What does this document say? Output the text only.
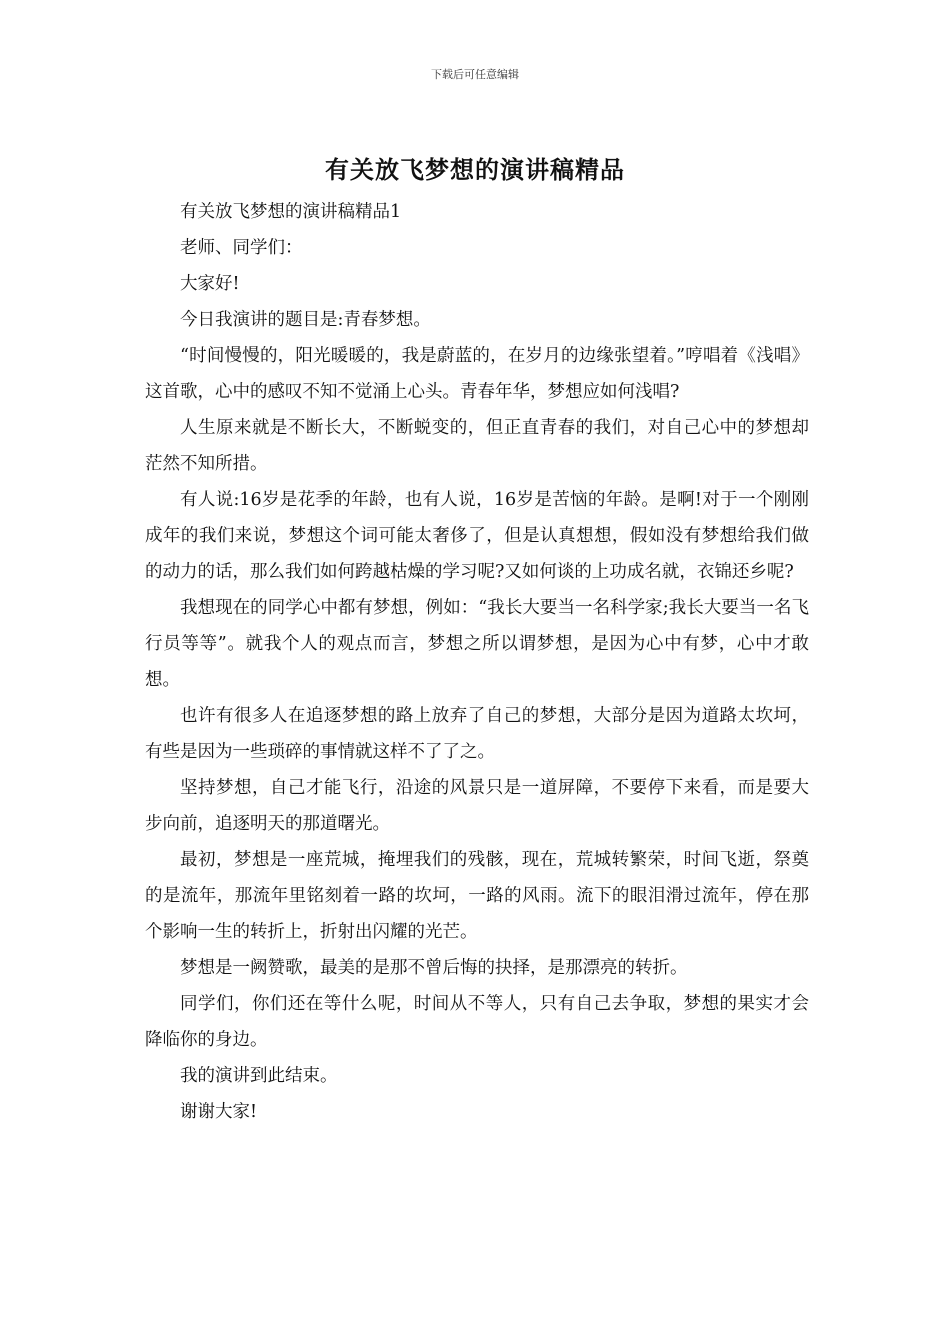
下载后可任意编辑
有关放飞梦想的演讲稿精品

有关放飞梦想的演讲稿精品1

老师、同学们：

大家好!

今日我演讲的题目是:青春梦想。

“时间慢慢的，阳光暖暖的，我是蔚蓝的，在岁月的边缘张望着。”哼唱着《浅唱》这首歌，心中的感叹不知不觉涌上心头。青春年华，梦想应如何浅唱?

人生原来就是不断长大，不断蜕变的，但正直青春的我们，对自己心中的梦想却茫然不知所措。

有人说:16岁是花季的年龄，也有人说，16岁是苦恼的年龄。是啊!对于一个刚刚成年的我们来说，梦想这个词可能太奢侈了，但是认真想想，假如没有梦想给我们做的动力的话，那么我们如何跨越枯燥的学习呢?又如何谈的上功成名就，衣锦还乡呢?

我想现在的同学心中都有梦想，例如：“我长大要当一名科学家;我长大要当一名飞行员等等”。就我个人的观点而言，梦想之所以谓梦想，是因为心中有梦，心中才敢想。

也许有很多人在追逐梦想的路上放弃了自己的梦想，大部分是因为道路太坎坷，有些是因为一些琐碎的事情就这样不了了之。

坚持梦想，自己才能飞行，沿途的风景只是一道屏障，不要停下来看，而是要大步向前，追逐明天的那道曙光。

最初，梦想是一座荒城，掩埋我们的残骸，现在，荒城转繁荣，时间飞逝，祭奠的是流年，那流年里铭刻着一路的坎坷，一路的风雨。流下的眼泪滑过流年，停在那个影响一生的转折上，折射出闪耀的光芒。

梦想是一阙赞歌，最美的是那不曾后悔的抉择，是那漂亮的转折。

同学们，你们还在等什么呢，时间从不等人，只有自己去争取，梦想的果实才会降临你的身边。

我的演讲到此结束。

谢谢大家!
